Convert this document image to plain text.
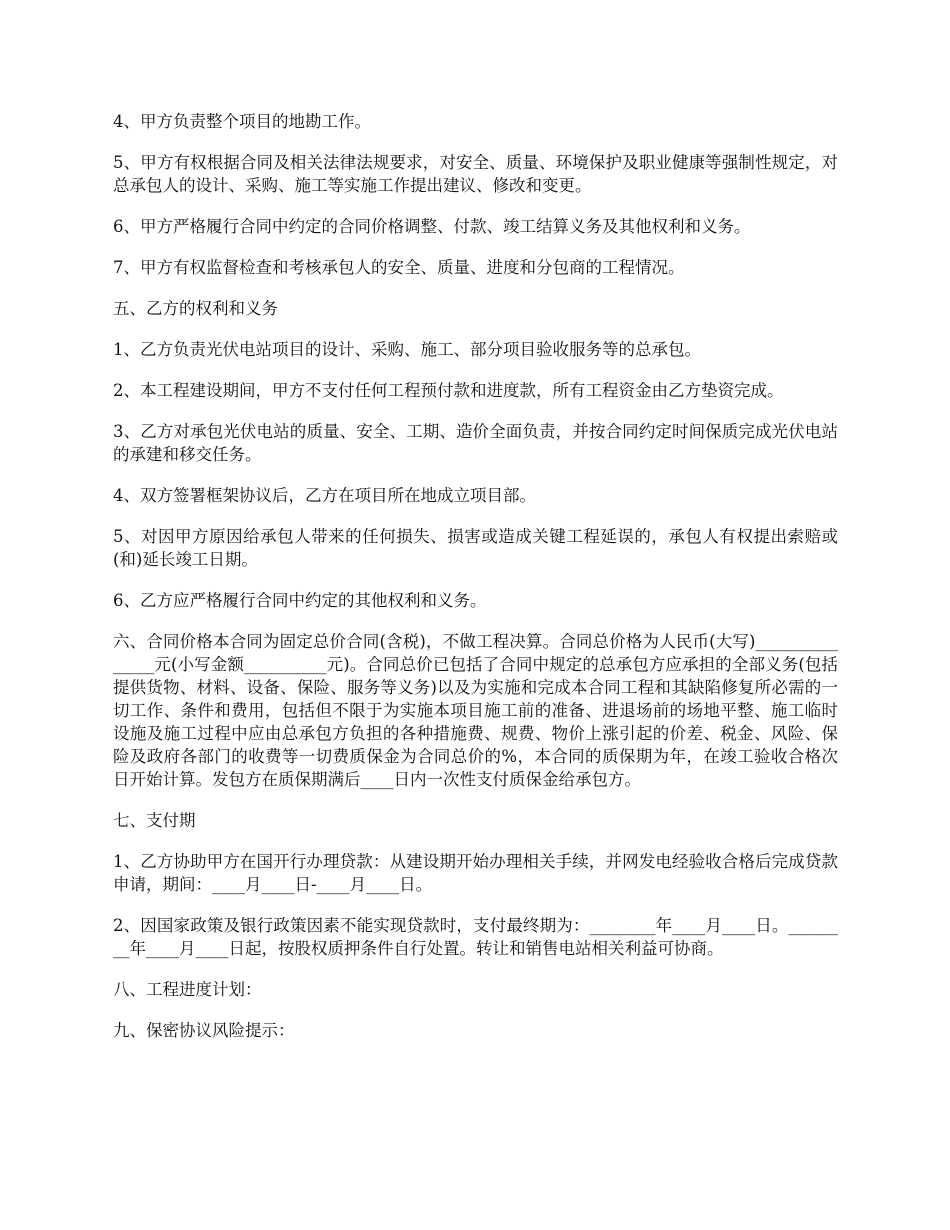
4、甲方负责整个项目的地勘工作。

5、甲方有权根据合同及相关法律法规要求，对安全、质量、环境保护及职业健康等强制性规定，对总承包人的设计、采购、施工等实施工作提出建议、修改和变更。

6、甲方严格履行合同中约定的合同价格调整、付款、竣工结算义务及其他权利和义务。

7、甲方有权监督检查和考核承包人的安全、质量、进度和分包商的工程情况。

五、乙方的权利和义务

1、乙方负责光伏电站项目的设计、采购、施工、部分项目验收服务等的总承包。

2、本工程建设期间，甲方不支付任何工程预付款和进度款，所有工程资金由乙方垫资完成。

3、乙方对承包光伏电站的质量、安全、工期、造价全面负责，并按合同约定时间保质完成光伏电站的承建和移交任务。

4、双方签署框架协议后，乙方在项目所在地成立项目部。

5、对因甲方原因给承包人带来的任何损失、损害或造成关键工程延误的，承包人有权提出索赔或(和)延长竣工日期。

6、乙方应严格履行合同中约定的其他权利和义务。

六、合同价格本合同为固定总价合同(含税)，不做工程决算。合同总价格为人民币(大写)_______________元(小写金额__________元)。合同总价已包括了合同中规定的总承包方应承担的全部义务(包括提供货物、材料、设备、保险、服务等义务)以及为实施和完成本合同工程和其缺陷修复所必需的一切工作、条件和费用，包括但不限于为实施本项目施工前的准备、进退场前的场地平整、施工临时设施及施工过程中应由总承包方负担的各种措施费、规费、物价上涨引起的价差、税金、风险、保险及政府各部门的收费等一切费质保金为合同总价的%，本合同的质保期为年，在竣工验收合格次日开始计算。发包方在质保期满后____日内一次性支付质保金给承包方。

七、支付期

1、乙方协助甲方在国开行办理贷款：从建设期开始办理相关手续，并网发电经验收合格后完成贷款申请，期间：____月____日-____月____日。

2、因国家政策及银行政策因素不能实现贷款时，支付最终期为：________年____月____日。________年____月____日起，按股权质押条件自行处置。转让和销售电站相关利益可协商。

八、工程进度计划：

九、保密协议风险提示：
